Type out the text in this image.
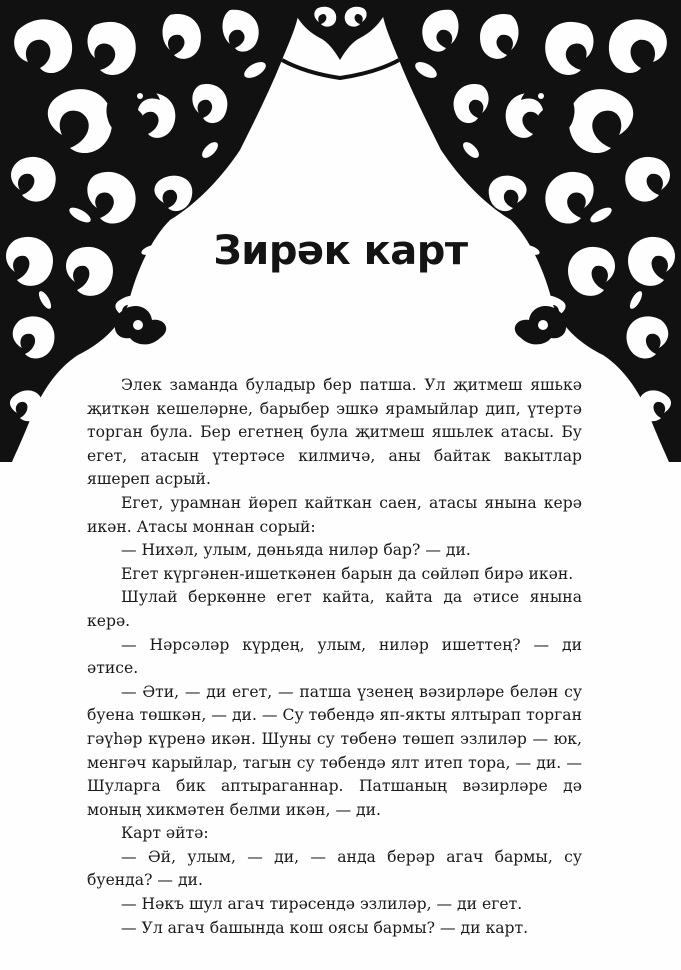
Зирәк карт

Элек заманда буладыр бер патша. Ул җитмеш яшькә җиткән кешеләрне, барыбер эшкә ярамыйлар дип, үтертә торган була. Бер егетнең була җитмеш яшьлек атасы. Бу егет, атасын үтертәсе килмичә, аны байтак вакытлар яшереп асрый.

Егет, урамнан йөреп кайткан саен, атасы янына керә икән. Атасы моннан сорый:

— Нихәл, улым, дөньяда ниләр бар? — ди.

Егет күргәнен-ишеткәнен барын да сөйләп бирә икән.

Шулай беркөнне егет кайта, кайта да әтисе янына керә.

— Нәрсәләр күрдең, улым, ниләр ишеттең? — ди әтисе.

— Әти, — ди егет, — патша үзенең вәзирләре белән су буена төшкән, — ди. — Су төбендә яп-якты ялтырап торган гәүһәр күренә икән. Шуны су төбенә төшеп эзлиләр — юк, менгәч карыйлар, тагын су төбендә ялт итеп тора, — ди. — Шуларга бик аптыраганнар. Патшаның вәзирләре дә моның хикмәтен белми икән, — ди.

Карт әйтә:

— Әй, улым, — ди, — анда берәр агач бармы, су буенда? — ди.

— Нәкъ шул агач тирәсендә эзлиләр, — ди егет.

— Ул агач башында кош оясы бармы? — ди карт.
